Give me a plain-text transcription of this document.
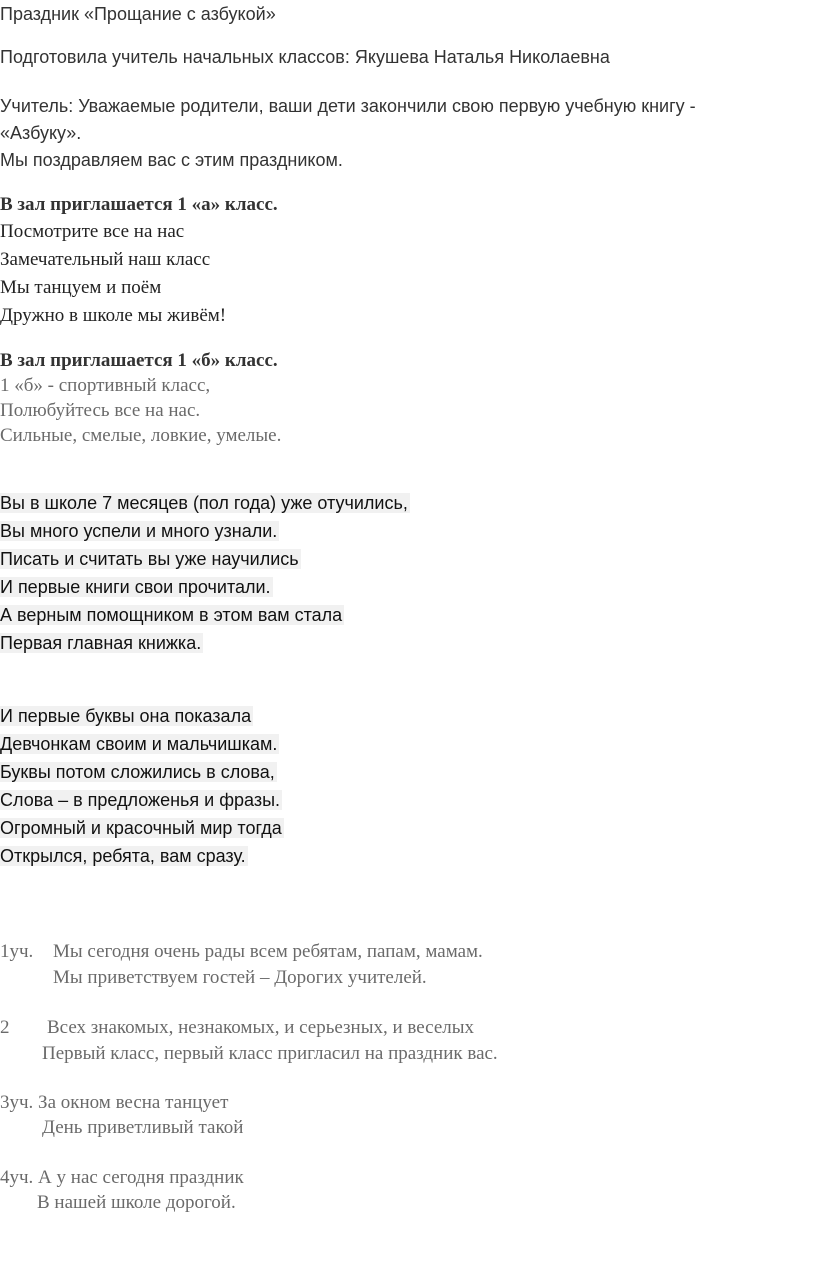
Праздник «Прощание с азбукой»
Подготовила учитель начальных классов: Якушева Наталья Николаевна
Учитель: Уважаемые родители, ваши дети закончили свою первую учебную книгу -
«Азбуку».
Мы поздравляем вас с этим праздником.
В зал приглашается 1 «а» класс.
Посмотрите все на нас
Замечательный наш класс
Мы танцуем и поём
Дружно в школе мы живём!
В зал приглашается 1 «б» класс.
1 «б» - спортивный класс,
Полюбуйтесь все на нас.
Сильные, смелые, ловкие, умелые.
Вы в школе 7 месяцев (пол года) уже отучились,
Вы много успели и много узнали.
Писать и считать вы уже научились
И первые книги свои прочитали.
А верным помощником в этом вам стала
Первая главная книжка.
И первые буквы она показала
Девчонкам своим и мальчишкам.
Буквы потом сложились в слова,
Слова – в предложенья и фразы.
Огромный и красочный мир тогда
Открылся, ребята, вам сразу.
1уч. Мы сегодня очень рады всем ребятам, папам, мамам.
Мы приветствуем гостей – Дорогих учителей.
2 Всех знакомых, незнакомых, и серьезных, и веселых
Первый класс, первый класс пригласил на праздник вас.
3уч. За окном весна танцует
День приветливый такой
4уч. А у нас сегодня праздник
В нашей школе дорогой.
